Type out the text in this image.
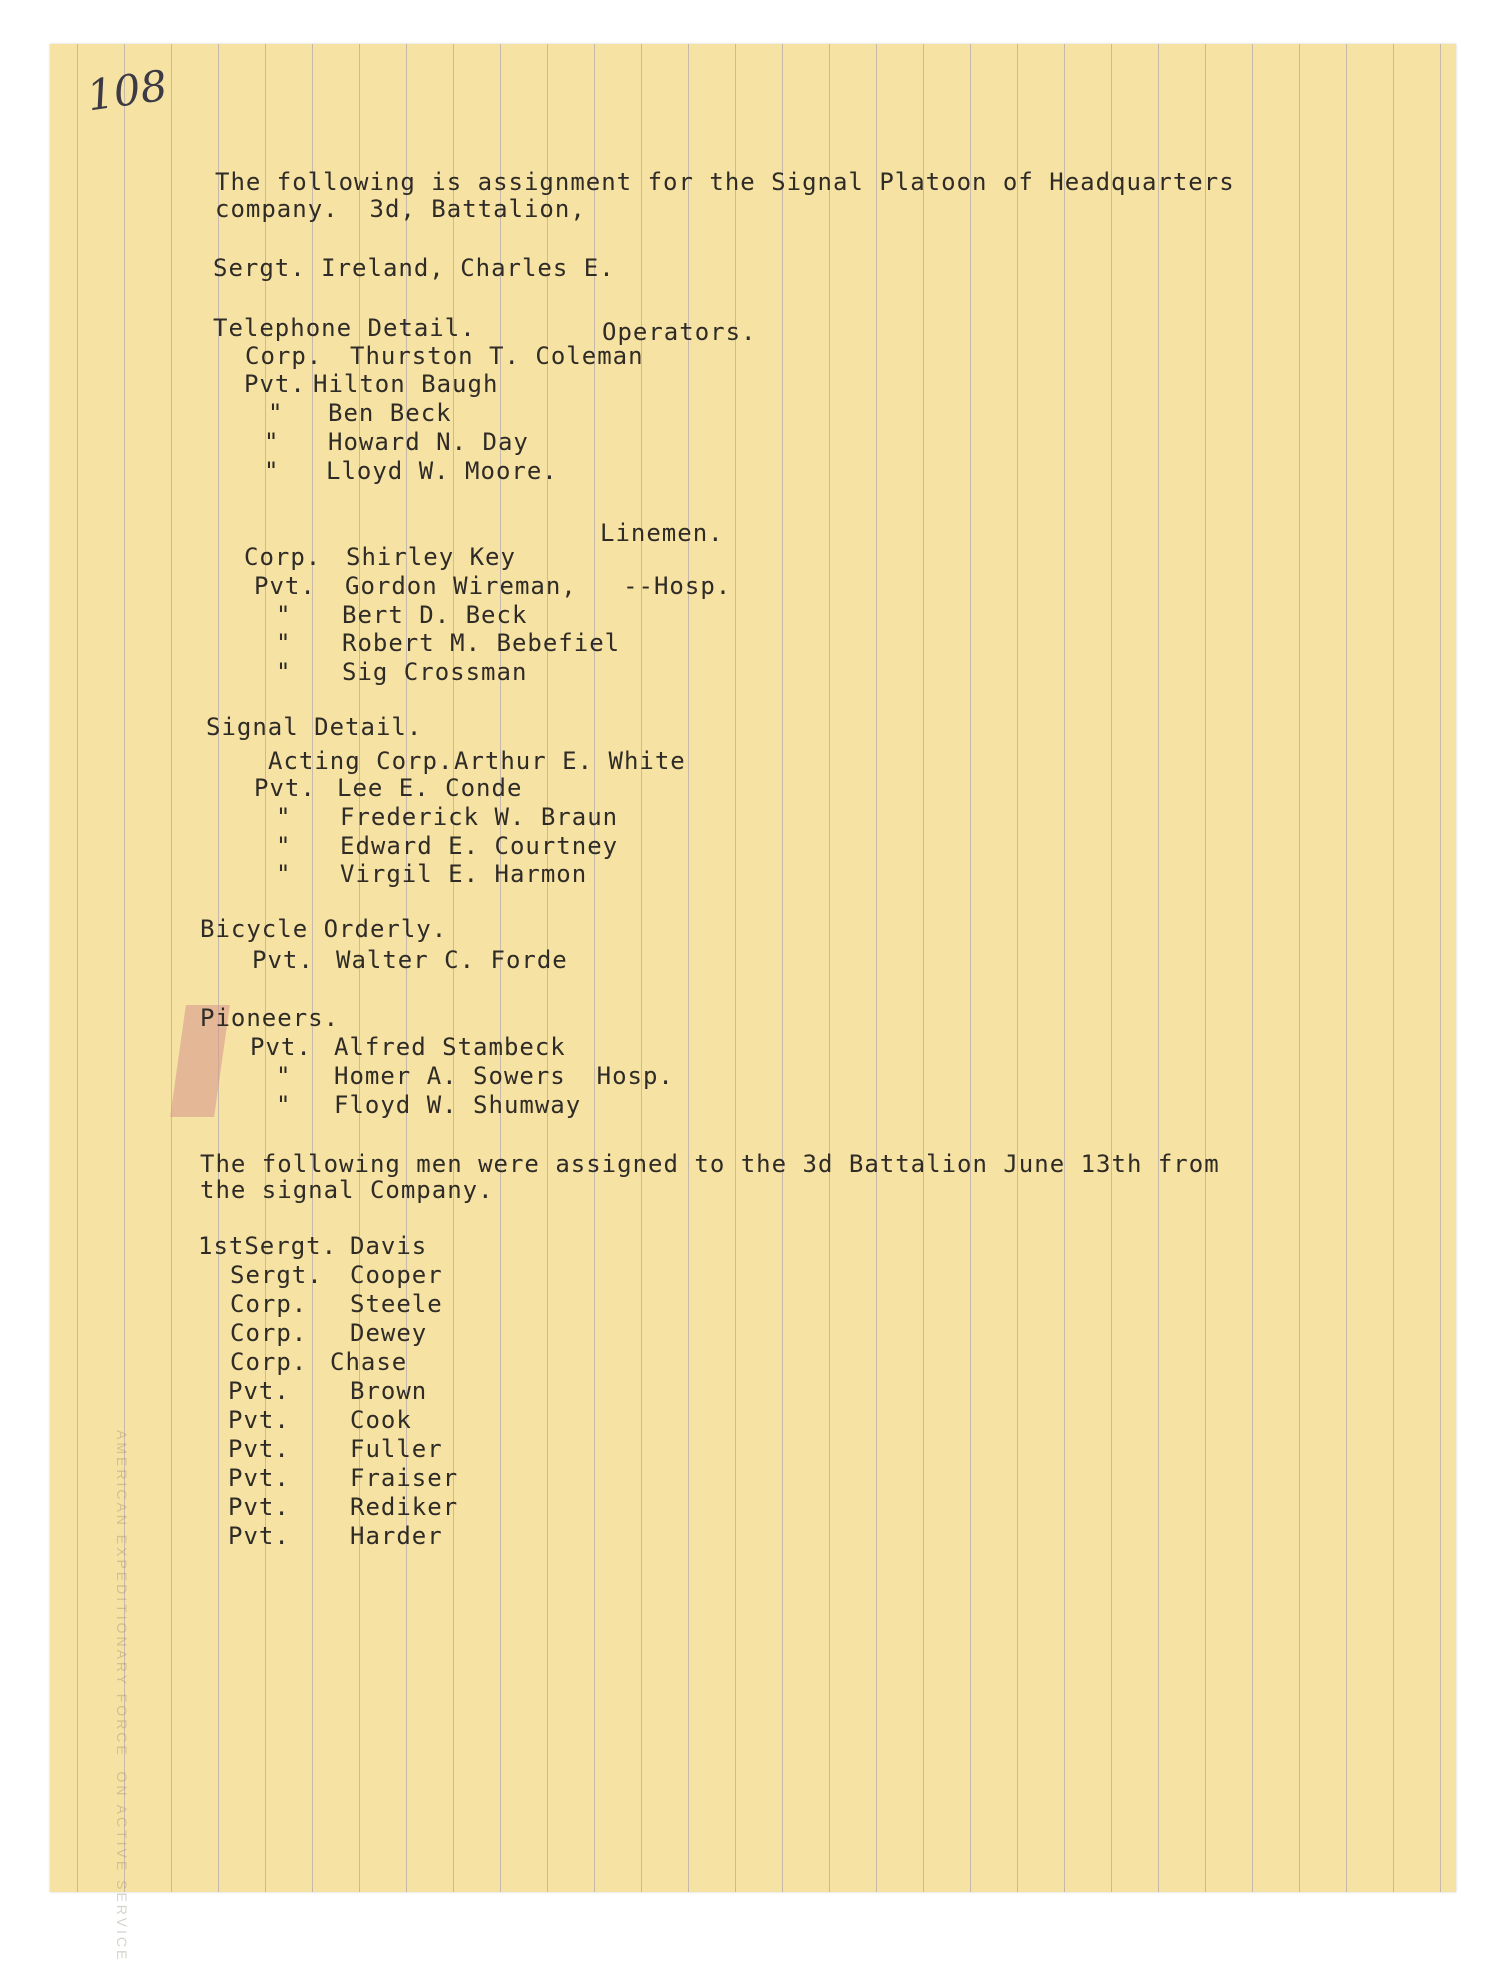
108
AMERICAN EXPEDITIONARY FORCE  ON ACTIVE SERVICE
The following is assignment for the Signal Platoon of Headquarters
company.  3d, Battalion,
Sergt. Ireland, Charles E.
Telephone Detail.	Operators.
Corp. Thurston T. Coleman
Pvt. Hilton Baugh
" Ben Beck
" Howard N. Day
" Lloyd W. Moore.
Linemen.
Corp. Shirley Key
Pvt. Gordon Wireman,   --Hosp.
" Bert D. Beck
" Robert M. Bebefiel
" Sig Crossman
Signal Detail.
Acting Corp. Arthur E. White
Pvt. Lee E. Conde
" Frederick W. Braun
" Edward E. Courtney
" Virgil E. Harmon
Bicycle Orderly.
Pvt. Walter C. Forde
Pioneers.
Pvt. Alfred Stambeck
" Homer A. Sowers  Hosp.
" Floyd W. Shumway
The following men were assigned to the 3d Battalion June 13th from
the signal Company.
1stSergt. Davis
Sergt. Cooper
Corp. Steele
Corp. Dewey
Corp. Chase
Pvt.	Brown
Pvt.	Cook
Pvt.	Fuller
Pvt.	Fraiser
Pvt.	Rediker
Pvt.	Harder
